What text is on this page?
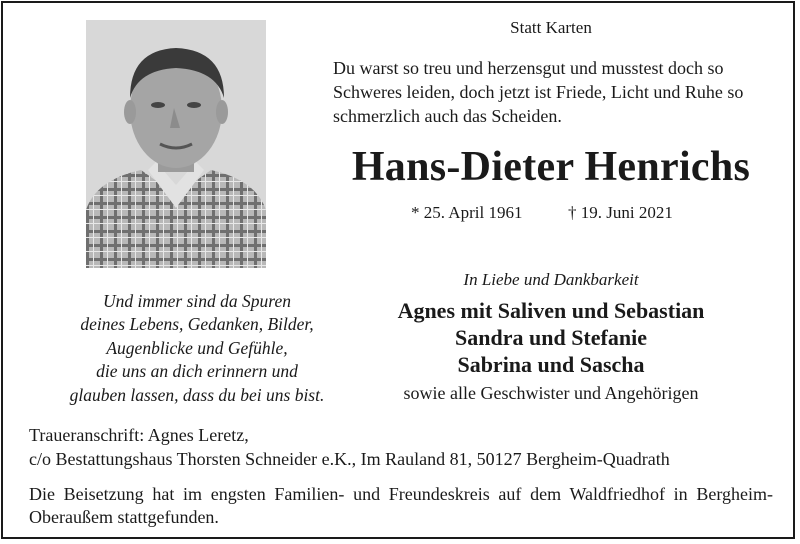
Statt Karten
Du warst so treu und herzensgut und musstest doch so Schweres leiden, doch jetzt ist Friede, Licht und Ruhe so schmerzlich auch das Scheiden.
Hans-Dieter Henrichs
* 25. April 1961	† 19. Juni 2021
In Liebe und Dankbarkeit
Agnes mit Saliven und Sebastian
Sandra und Stefanie
Sabrina und Sascha
sowie alle Geschwister und Angehörigen
Und immer sind da Spuren
deines Lebens, Gedanken, Bilder,
Augenblicke und Gefühle,
die uns an dich erinnern und
glauben lassen, dass du bei uns bist.
Traueranschrift: Agnes Leretz,
c/o Bestattungshaus Thorsten Schneider e.K., Im Rauland 81, 50127 Bergheim-Quadrath
Die Beisetzung hat im engsten Familien- und Freundeskreis auf dem Waldfriedhof in Bergheim-Oberaußem stattgefunden.
